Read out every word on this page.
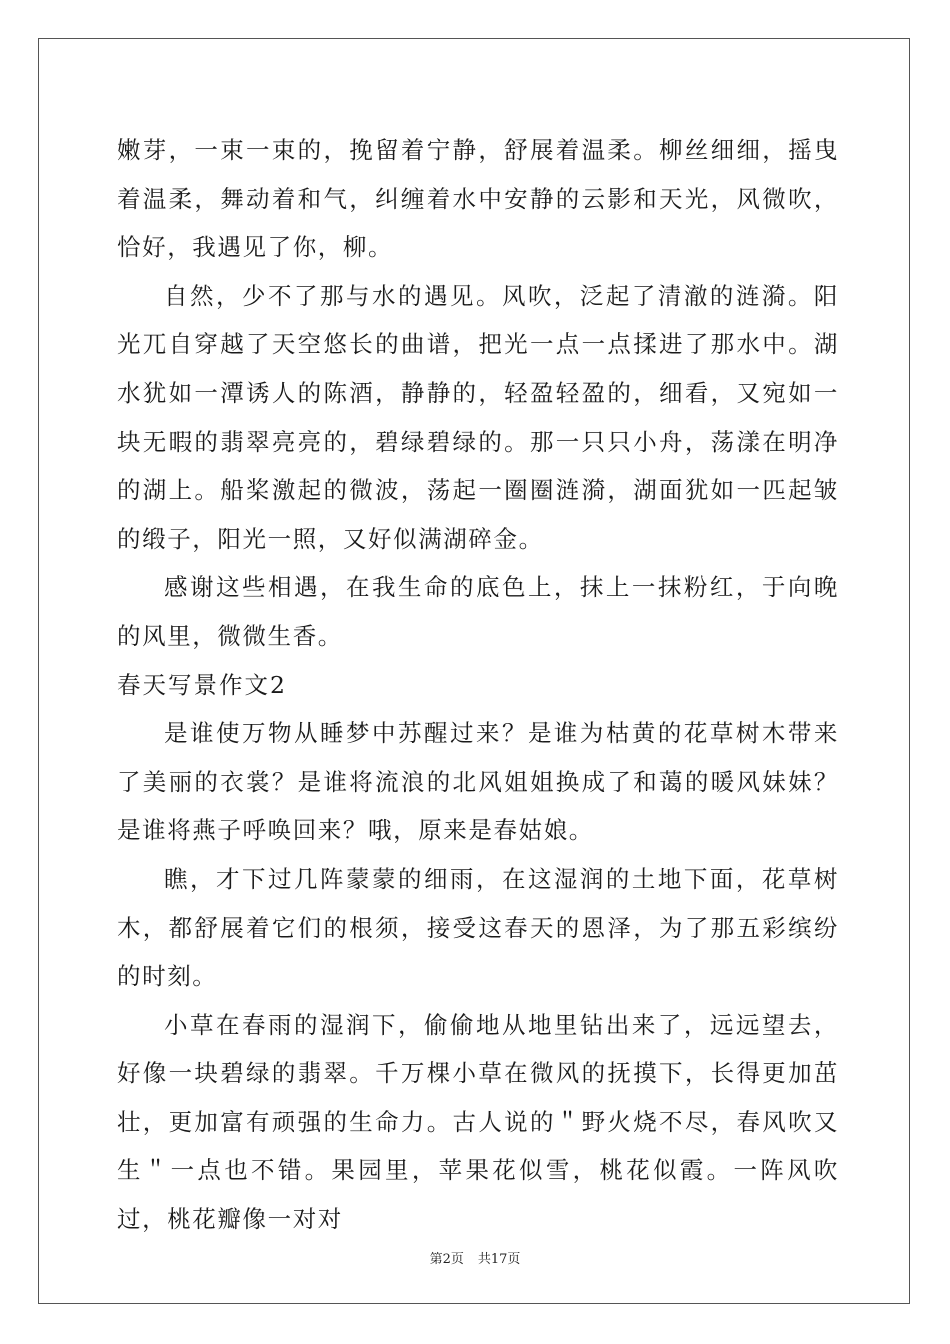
嫩芽，一束一束的，挽留着宁静，舒展着温柔。柳丝细细，摇曳着温柔，舞动着和气，纠缠着水中安静的云影和天光，风微吹，恰好，我遇见了你，柳。

自然，少不了那与水的遇见。风吹，泛起了清澈的涟漪。阳光兀自穿越了天空悠长的曲谱，把光一点一点揉进了那水中。湖水犹如一潭诱人的陈酒，静静的，轻盈轻盈的，细看，又宛如一块无暇的翡翠亮亮的，碧绿碧绿的。那一只只小舟，荡漾在明净的湖上。船桨激起的微波，荡起一圈圈涟漪，湖面犹如一匹起皱的缎子，阳光一照，又好似满湖碎金。

感谢这些相遇，在我生命的底色上，抹上一抹粉红，于向晚的风里，微微生香。

春天写景作文2

是谁使万物从睡梦中苏醒过来？是谁为枯黄的花草树木带来了美丽的衣裳？是谁将流浪的北风姐姐换成了和蔼的暖风妹妹？是谁将燕子呼唤回来？哦，原来是春姑娘。

瞧，才下过几阵蒙蒙的细雨，在这湿润的土地下面，花草树木，都舒展着它们的根须，接受这春天的恩泽，为了那五彩缤纷的时刻。

小草在春雨的湿润下，偷偷地从地里钻出来了，远远望去，好像一块碧绿的翡翠。千万棵小草在微风的抚摸下，长得更加茁壮，更加富有顽强的生命力。古人说的＂野火烧不尽，春风吹又生＂一点也不错。果园里，苹果花似雪，桃花似霞。一阵风吹过，桃花瓣像一对对

第2页 共17页
